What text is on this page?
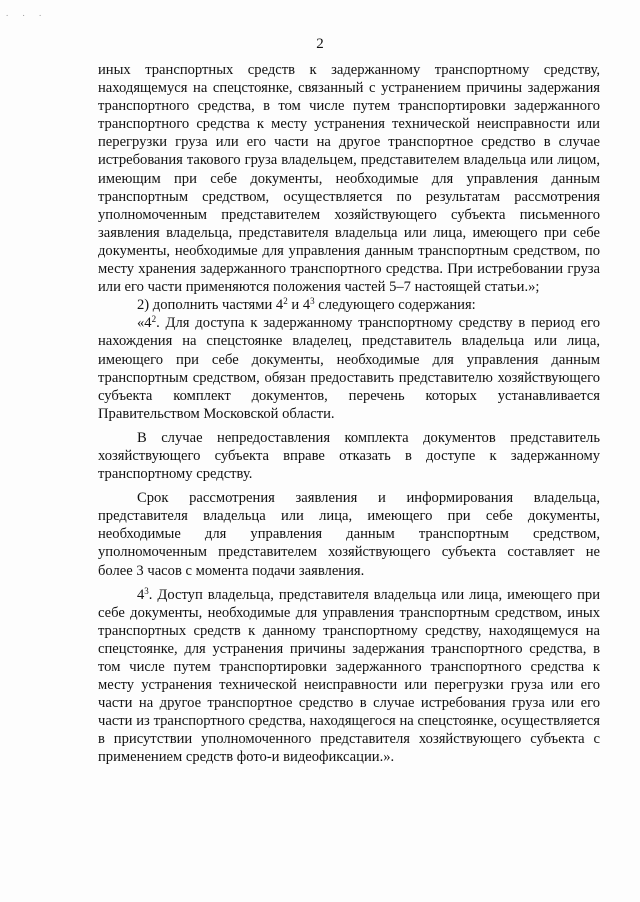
. . .
2

иных транспортных средств к задержанному транспортному средству, находящемуся на спецстоянке, связанный с устранением причины задержания транспортного средства, в том числе путем транспортировки задержанного транспортного средства к месту устранения технической неисправности или перегрузки груза или его части на другое транспортное средство в случае истребования такового груза владельцем, представителем владельца или лицом, имеющим при себе документы, необходимые для управления данным транспортным средством, осуществляется по результатам рассмотрения уполномоченным представителем хозяйствующего субъекта письменного заявления владельца, представителя владельца или лица, имеющего при себе документы, необходимые для управления данным транспортным средством, по месту хранения задержанного транспортного средства. При истребовании груза или его части применяются положения частей 5–7 настоящей статьи.»;

2) дополнить частями $4^2$ и $4^3$ следующего содержания:

«$4^2$. Для доступа к задержанному транспортному средству в период его нахождения на спецстоянке владелец, представитель владельца или лица, имеющего при себе документы, необходимые для управления данным транспортным средством, обязан предоставить представителю хозяйствующего субъекта комплект документов, перечень которых устанавливается Правительством Московской области.

В случае непредоставления комплекта документов представитель хозяйствующего субъекта вправе отказать в доступе к задержанному транспортному средству.

Срок рассмотрения заявления и информирования владельца, представителя владельца или лица, имеющего при себе документы, необходимые для управления данным транспортным средством, уполномоченным представителем хозяйствующего субъекта составляет не более 3 часов с момента подачи заявления.

$4^3$. Доступ владельца, представителя владельца или лица, имеющего при себе документы, необходимые для управления транспортным средством, иных транспортных средств к данному транспортному средству, находящемуся на спецстоянке, для устранения причины задержания транспортного средства, в том числе путем транспортировки задержанного транспортного средства к месту устранения технической неисправности или перегрузки груза или его части на другое транспортное средство в случае истребования груза или его части из транспортного средства, находящегося на спецстоянке, осуществляется в присутствии уполномоченного представителя хозяйствующего субъекта с применением средств фото-и видеофиксации.».
